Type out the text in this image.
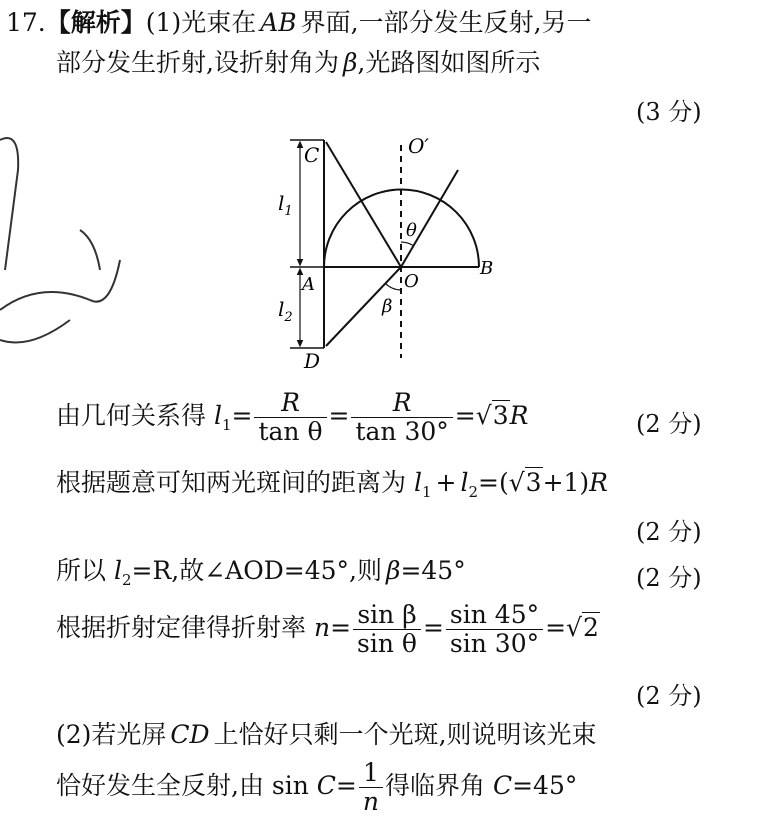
17.【解析】(1)光束在 AB 界面,一部分发生反射,另一
部分发生折射,设折射角为 β,光路图如图所示
(3 分)
C
A
D
O
B
O′
θ
β
$l_1$
$l_2$
由几何关系得 $l_1= \frac{R}{\text{tan θ}} = \frac{R}{\tan 30^\circ} =√3R$	(2 分)
根据题意可知两光斑间的距离为 $l_1 + l_2=(√3+1)R$
(2 分)
所以 $l_2=R$,故∠AOD=45°,则 β=45°	(2 分)
根据折射定律得折射率 $n= \frac{\text{sin β}}{\text{sin θ}} = \frac{\sin 45^\circ}{\sin 30^\circ} =√2$
(2 分)
(2)若光屏 CD 上恰好只剩一个光斑,则说明该光束
恰好发生全反射,由 $\sin C= \frac{1}{n}$ 得临界角 C=45°
